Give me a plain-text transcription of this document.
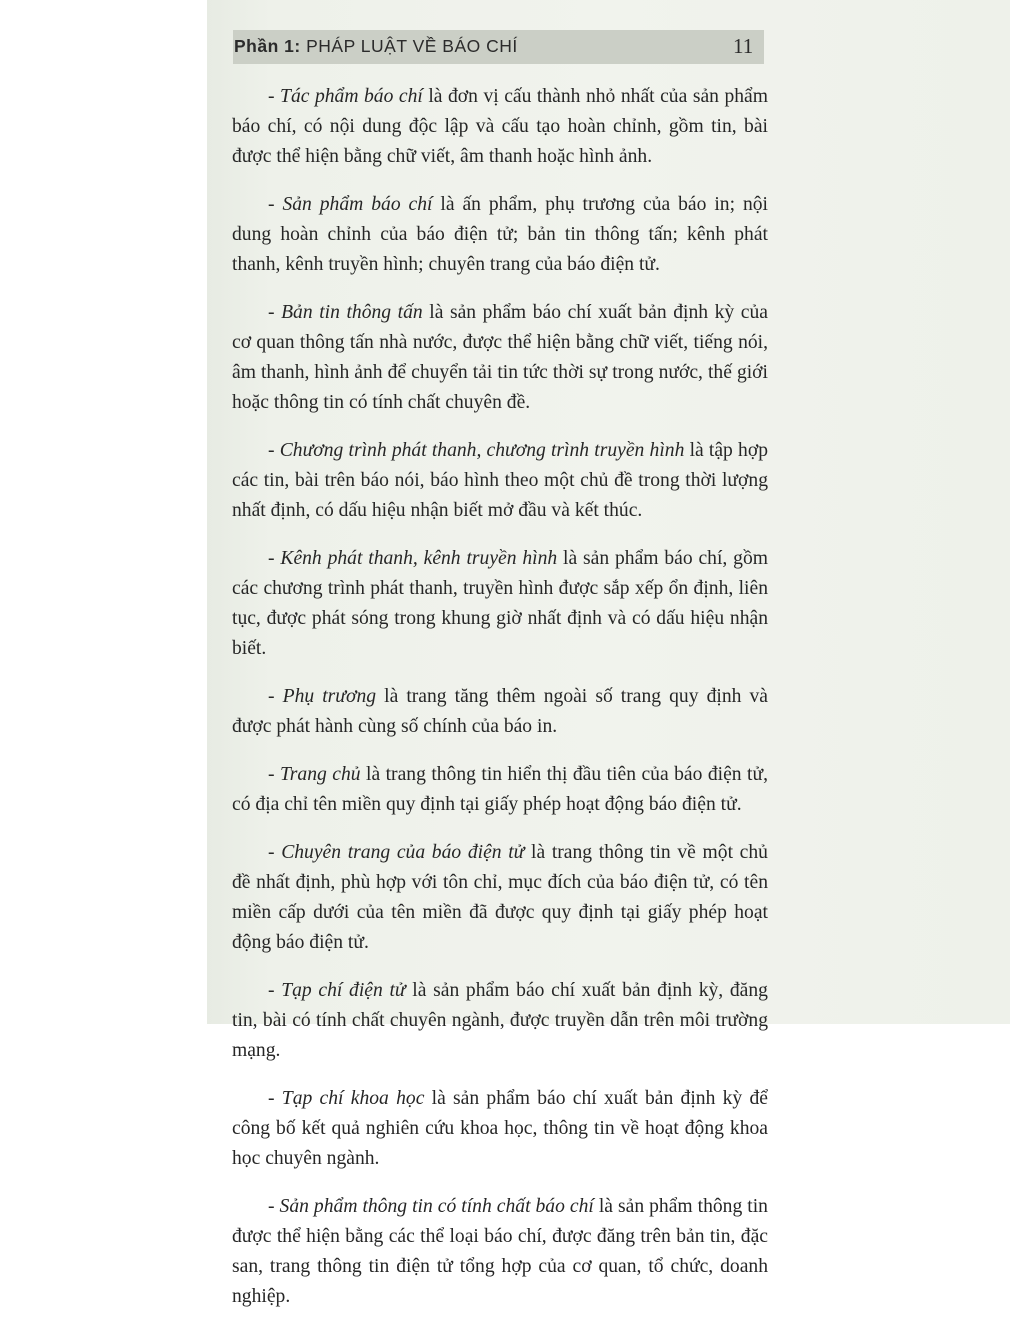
Phần 1: PHÁP LUẬT VỀ BÁO CHÍ	11

- Tác phẩm báo chí là đơn vị cấu thành nhỏ nhất của sản phẩm báo chí, có nội dung độc lập và cấu tạo hoàn chỉnh, gồm tin, bài được thể hiện bằng chữ viết, âm thanh hoặc hình ảnh.

- Sản phẩm báo chí là ấn phẩm, phụ trương của báo in; nội dung hoàn chỉnh của báo điện tử; bản tin thông tấn; kênh phát thanh, kênh truyền hình; chuyên trang của báo điện tử.

- Bản tin thông tấn là sản phẩm báo chí xuất bản định kỳ của cơ quan thông tấn nhà nước, được thể hiện bằng chữ viết, tiếng nói, âm thanh, hình ảnh để chuyển tải tin tức thời sự trong nước, thế giới hoặc thông tin có tính chất chuyên đề.

- Chương trình phát thanh, chương trình truyền hình là tập hợp các tin, bài trên báo nói, báo hình theo một chủ đề trong thời lượng nhất định, có dấu hiệu nhận biết mở đầu và kết thúc.

- Kênh phát thanh, kênh truyền hình là sản phẩm báo chí, gồm các chương trình phát thanh, truyền hình được sắp xếp ổn định, liên tục, được phát sóng trong khung giờ nhất định và có dấu hiệu nhận biết.

- Phụ trương là trang tăng thêm ngoài số trang quy định và được phát hành cùng số chính của báo in.

- Trang chủ là trang thông tin hiển thị đầu tiên của báo điện tử, có địa chỉ tên miền quy định tại giấy phép hoạt động báo điện tử.

- Chuyên trang của báo điện tử là trang thông tin về một chủ đề nhất định, phù hợp với tôn chỉ, mục đích của báo điện tử, có tên miền cấp dưới của tên miền đã được quy định tại giấy phép hoạt động báo điện tử.

- Tạp chí điện tử là sản phẩm báo chí xuất bản định kỳ, đăng tin, bài có tính chất chuyên ngành, được truyền dẫn trên môi trường mạng.

- Tạp chí khoa học là sản phẩm báo chí xuất bản định kỳ để công bố kết quả nghiên cứu khoa học, thông tin về hoạt động khoa học chuyên ngành.

- Sản phẩm thông tin có tính chất báo chí là sản phẩm thông tin được thể hiện bằng các thể loại báo chí, được đăng trên bản tin, đặc san, trang thông tin điện tử tổng hợp của cơ quan, tổ chức, doanh nghiệp.
